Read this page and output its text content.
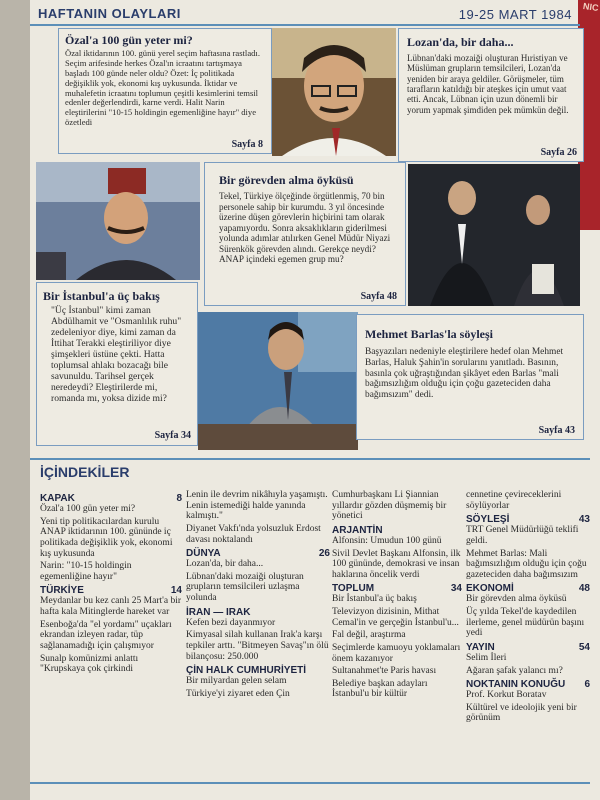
NIC
HAFTANIN OLAYLARI	19-25 MART 1984
Özal'a 100 gün yeter mi?
Özal iktidarının 100. günü yerel seçim haftasına rastladı. Seçim arifesinde herkes Özal'ın icraatını tartışmaya başladı 100 günde neler oldu? Özet: İç politikada değişiklik yok, ekonomi kış uykusunda. İktidar ve muhalefetin icraatını toplumun çeşitli kesimlerini temsil edenler değerlendirdi, karne verdi. Halit Narin eleştirilerini "10-15 holdingin egemenliğine hayır" diye özetledi
Sayfa 8
Lozan'da, bir daha...
Lübnan'daki mozaiği oluşturan Hıristiyan ve Müslüman grupların temsilcileri, Lozan'da yeniden bir araya geldiler. Görüşmeler, tüm tarafların katıldığı bir ateşkes için umut vaat etti. Ancak, Lübnan için uzun dönemli bir yorum yapmak şimdiden pek mümkün değil.
Sayfa 26
Bir görevden alma öyküsü
Tekel, Türkiye ölçeğinde örgütlenmiş, 70 bin personele sahip bir kurumdu. 3 yıl öncesinde üzerine düşen görevlerin hiçbirini tam olarak yapamıyordu. Sonra aksaklıkların giderilmesi yolunda adımlar atılırken Genel Müdür Niyazi Sürenkök görevden alındı. Gerekçe neydi? ANAP içindeki egemen grup mu?
Sayfa 48
Bir İstanbul'a üç bakış
"Üç İstanbul" kimi zaman Abdülhamit ve "Osmanlılık ruhu" zedeleniyor diye, kimi zaman da İttihat Terakki eleştiriliyor diye şimşekleri üstüne çekti. Hatta toplumsal ahlakı bozacağı bile savunuldu. Tarihsel gerçek neredeydi? Eleştirilerde mi, romanda mı, yoksa dizide mi?
Sayfa 34
Mehmet Barlas'la söyleşi
Başyazıları nedeniyle eleştirilere hedef olan Mehmet Barlas, Haluk Şahin'in sorularını yanıtladı. Basının, basınla çok uğraştığından şikâyet eden Barlas "mali bağımsızlığım olduğu için çoğu gazeteciden daha bağımsızım" dedi.
Sayfa 43
İÇİNDEKİLER
KAPAK	8
Özal'a 100 gün yeter mi?
Yeni tip politikacılardan kurulu ANAP iktidarının 100. gününde iç politikada değişiklik yok, ekonomi kış uykusunda
Narin: "10-15 holdingin egemenliğine hayır"
TÜRKİYE	14
Meydanlar bu kez canlı 25 Mart'a bir hafta kala Mitinglerde hareket var
Esenboğa'da "el yordamı" uçakları ekrandan izleyen radar, tüp sağlanamadığı için çalışmıyor
Sunalp komünizmi anlattı "Krupskaya çok çirkindi
Lenin ile devrim nikâhıyla yaşamıştı. Lenin istemediği halde yanında kalmıştı."
Diyanet Vakfı'nda yolsuzluk Erdost davası noktalandı
DÜNYA	26
Lozan'da, bir daha...
Lübnan'daki mozaiği oluşturan grupların temsilcileri uzlaşma yolunda
İRAN — IRAK
Kefen bezi dayanmıyor
Kimyasal silah kullanan Irak'a karşı tepkiler arttı. "Bitmeyen Savaş"ın ölü bilançosu: 250.000
ÇİN HALK CUMHURİYETİ
Bir milyardan gelen selam
Türkiye'yi ziyaret eden Çin
Cumhurbaşkanı Li Şiannian yıllardır gözden düşmemiş bir yönetici
ARJANTİN
Alfonsin: Umudun 100 günü
Sivil Devlet Başkanı Alfonsin, ilk 100 gününde, demokrasi ve insan haklarına öncelik verdi
TOPLUM	34
Bir İstanbul'a üç bakış
Televizyon dizisinin, Mithat Cemal'in ve gerçeğin İstanbul'u...
Fal değil, araştırma
Seçimlerde kamuoyu yoklamaları önem kazanıyor
Sultanahmet'te Paris havası
Belediye başkan adayları İstanbul'u bir kültür
cennetine çevireceklerini söylüyorlar
SÖYLEŞİ	43
TRT Genel Müdürlüğü teklifi geldi.
Mehmet Barlas: Mali bağımsızlığım olduğu için çoğu gazeteciden daha bağımsızım
EKONOMİ	48
Bir görevden alma öyküsü
Üç yılda Tekel'de kaydedilen ilerleme, genel müdürün başını yedi
YAYIN	54
Selim İleri
Ağaran şafak yalancı mı?
NOKTANIN KONUĞU 6
Prof. Korkut Boratav
Kültürel ve ideolojik yeni bir görünüm
